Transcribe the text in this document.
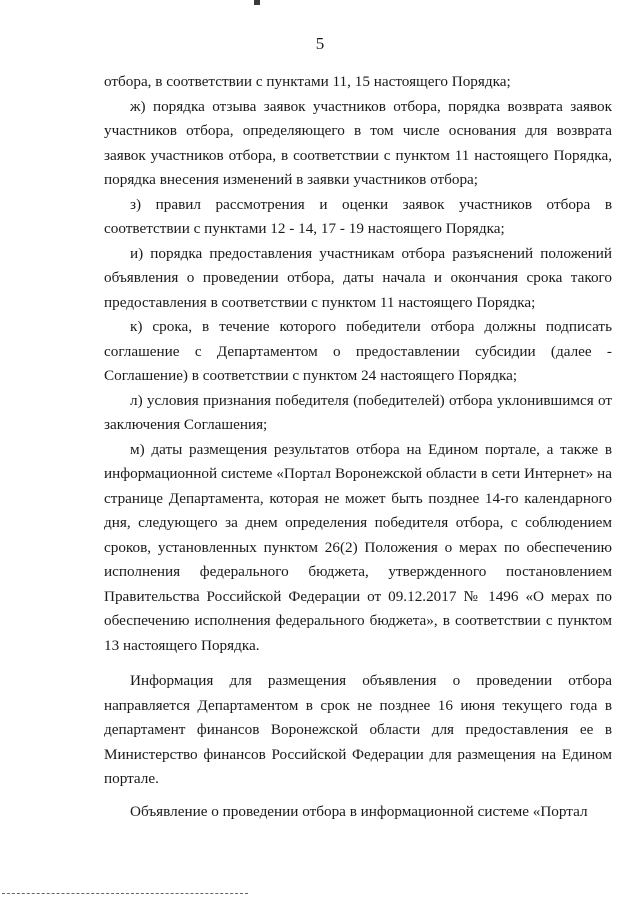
5

отбора, в соответствии с пунктами 11, 15 настоящего Порядка;

ж) порядка отзыва заявок участников отбора, порядка возврата заявок участников отбора, определяющего в том числе основания для возврата заявок участников отбора, в соответствии с пунктом 11 настоящего Порядка, порядка внесения изменений в заявки участников отбора;

з) правил рассмотрения и оценки заявок участников отбора в соответствии с пунктами 12 - 14, 17 - 19 настоящего Порядка;

и) порядка предоставления участникам отбора разъяснений положений объявления о проведении отбора, даты начала и окончания срока такого предоставления в соответствии с пунктом 11 настоящего Порядка;

к) срока, в течение которого победители отбора должны подписать соглашение с Департаментом о предоставлении субсидии (далее - Соглашение) в соответствии с пунктом 24 настоящего Порядка;

л) условия признания победителя (победителей) отбора уклонившимся от заключения Соглашения;

м) даты размещения результатов отбора на Едином портале, а также в информационной системе «Портал Воронежской области в сети Интернет» на странице Департамента, которая не может быть позднее 14-го календарного дня, следующего за днем определения победителя отбора, с соблюдением сроков, установленных пунктом 26(2) Положения о мерах по обеспечению исполнения федерального бюджета, утвержденного постановлением Правительства Российской Федерации от 09.12.2017 № 1496 «О мерах по обеспечению исполнения федерального бюджета», в соответствии с пунктом 13 настоящего Порядка.

Информация для размещения объявления о проведении отбора направляется Департаментом в срок не позднее 16 июня текущего года в департамент финансов Воронежской области для предоставления ее в Министерство финансов Российской Федерации для размещения на Едином портале.

Объявление о проведении отбора в информационной системе «Портал
